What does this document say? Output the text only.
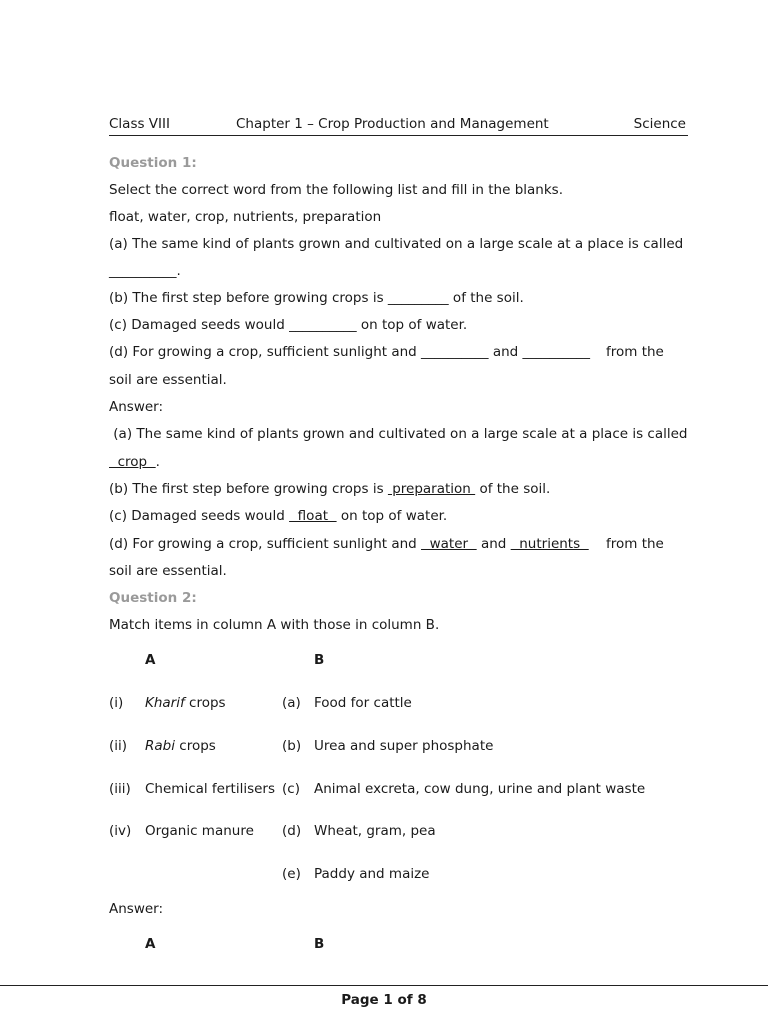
Class VIII	Chapter 1 – Crop Production and Management	Science
Question 1:
Select the correct word from the following list and fill in the blanks.
float, water, crop, nutrients, preparation
(a) The same kind of plants grown and cultivated on a large scale at a place is called
__________.
(b) The first step before growing crops is _________ of the soil.
(c) Damaged seeds would __________ on top of water.
(d) For growing a crop, sufficient sunlight and __________ and __________ from the
soil are essential.
Answer:
(a) The same kind of plants grown and cultivated on a large scale at a place is called
crop  .
(b) The first step before growing crops is  preparation  of the soil.
(c) Damaged seeds would   float   on top of water.
(d) For growing a crop, sufficient sunlight and   water   and   nutrients from the
soil are essential.
Question 2:
Match items in column A with those in column B.
A	B
(i) Kharif crops	(a) Food for cattle
(ii) Rabi crops	(b) Urea and super phosphate
(iii) Chemical fertilisers (c) Animal excreta, cow dung, urine and plant waste
(iv) Organic manure (d) Wheat, gram, pea
(e) Paddy and maize
Answer:
A	B
Page 1 of 8
